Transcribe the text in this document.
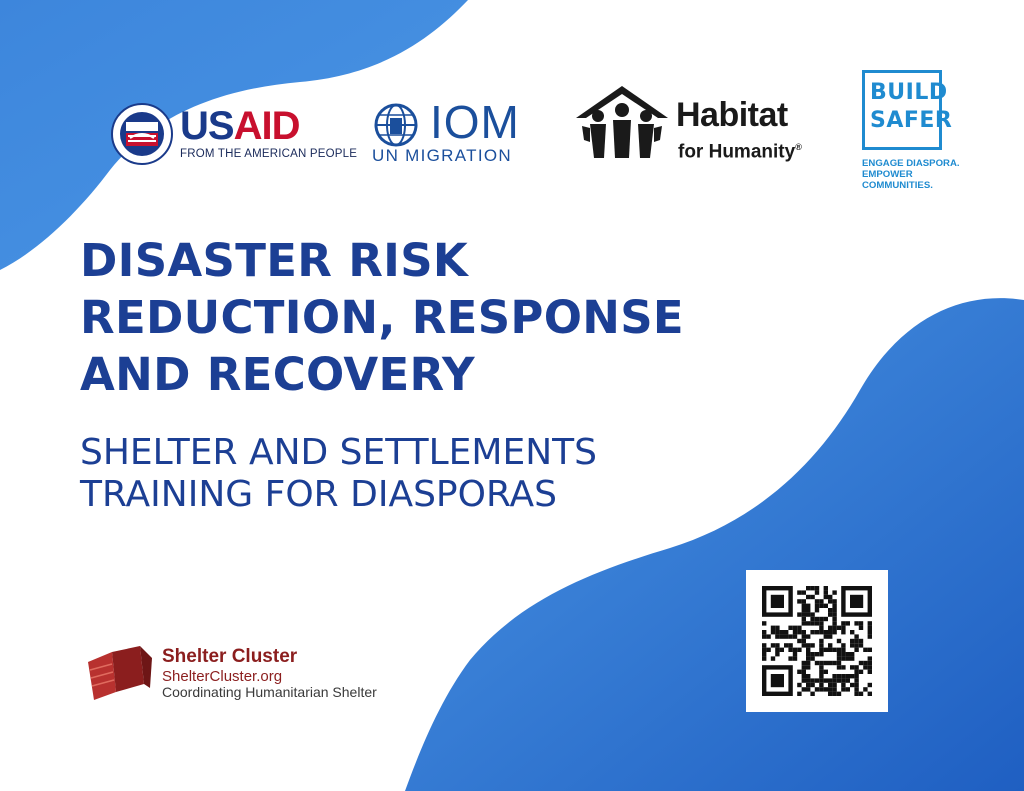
USAID
FROM THE AMERICAN PEOPLE
IOM
UN MIGRATION
Habitat
for Humanity®
BUILD
SAFER
ENGAGE DIASPORA.
EMPOWER
COMMUNITIES.
DISASTER RISK
REDUCTION, RESPONSE
AND RECOVERY
SHELTER AND SETTLEMENTS
TRAINING FOR DIASPORAS
Shelter Cluster
ShelterCluster.org
Coordinating Humanitarian Shelter
